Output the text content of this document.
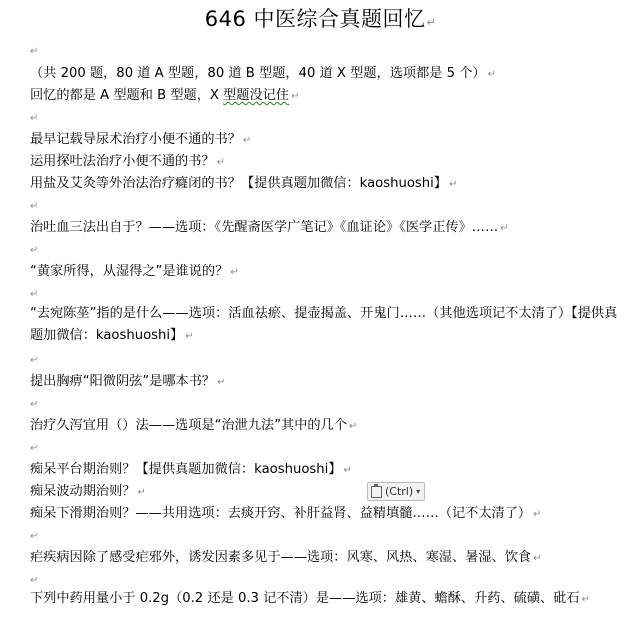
646 中医综合真题回忆↵
↵
（共 200 题，80 道 A 型题，80 道 B 型题，40 道 X 型题，选项都是 5 个） ↵
回忆的都是 A 型题和 B 型题，X 型题没记住 ↵
↵
最早记载导尿术治疗小便不通的书？ ↵
运用探吐法治疗小便不通的书？ ↵
用盐及艾灸等外治法治疗癃闭的书？【提供真题加微信：kaoshuoshi】 ↵
↵
治吐血三法出自于？——选项：《先醒斋医学广笔记》《血证论》《医学正传》…… ↵
↵
“黄家所得，从湿得之”是谁说的？ ↵
↵
“去宛陈莝”指的是什么——选项：活血祛瘀、提壶揭盖、开鬼门……（其他选项记不太清了）【提供真题加微信：kaoshuoshi】 ↵
↵
提出胸痹“阳微阴弦”是哪本书？ ↵
↵
治疗久泻宜用（）法——选项是“治泄九法”其中的几个 ↵
↵
痴呆平台期治则？【提供真题加微信：kaoshuoshi】 ↵
痴呆波动期治则？ ↵
痴呆下滑期治则？——共用选项：去痰开窍、补肝益肾、益精填髓……（记不太清了） ↵
↵
疟疾病因除了感受疟邪外，诱发因素多见于——选项：风寒、风热、寒湿、暑湿、饮食 ↵
↵
下列中药用量小于 0.2g（0.2 还是 0.3 记不清）是——选项：雄黄、蟾酥、升药、硫磺、砒石 ↵
(Ctrl) ▾
